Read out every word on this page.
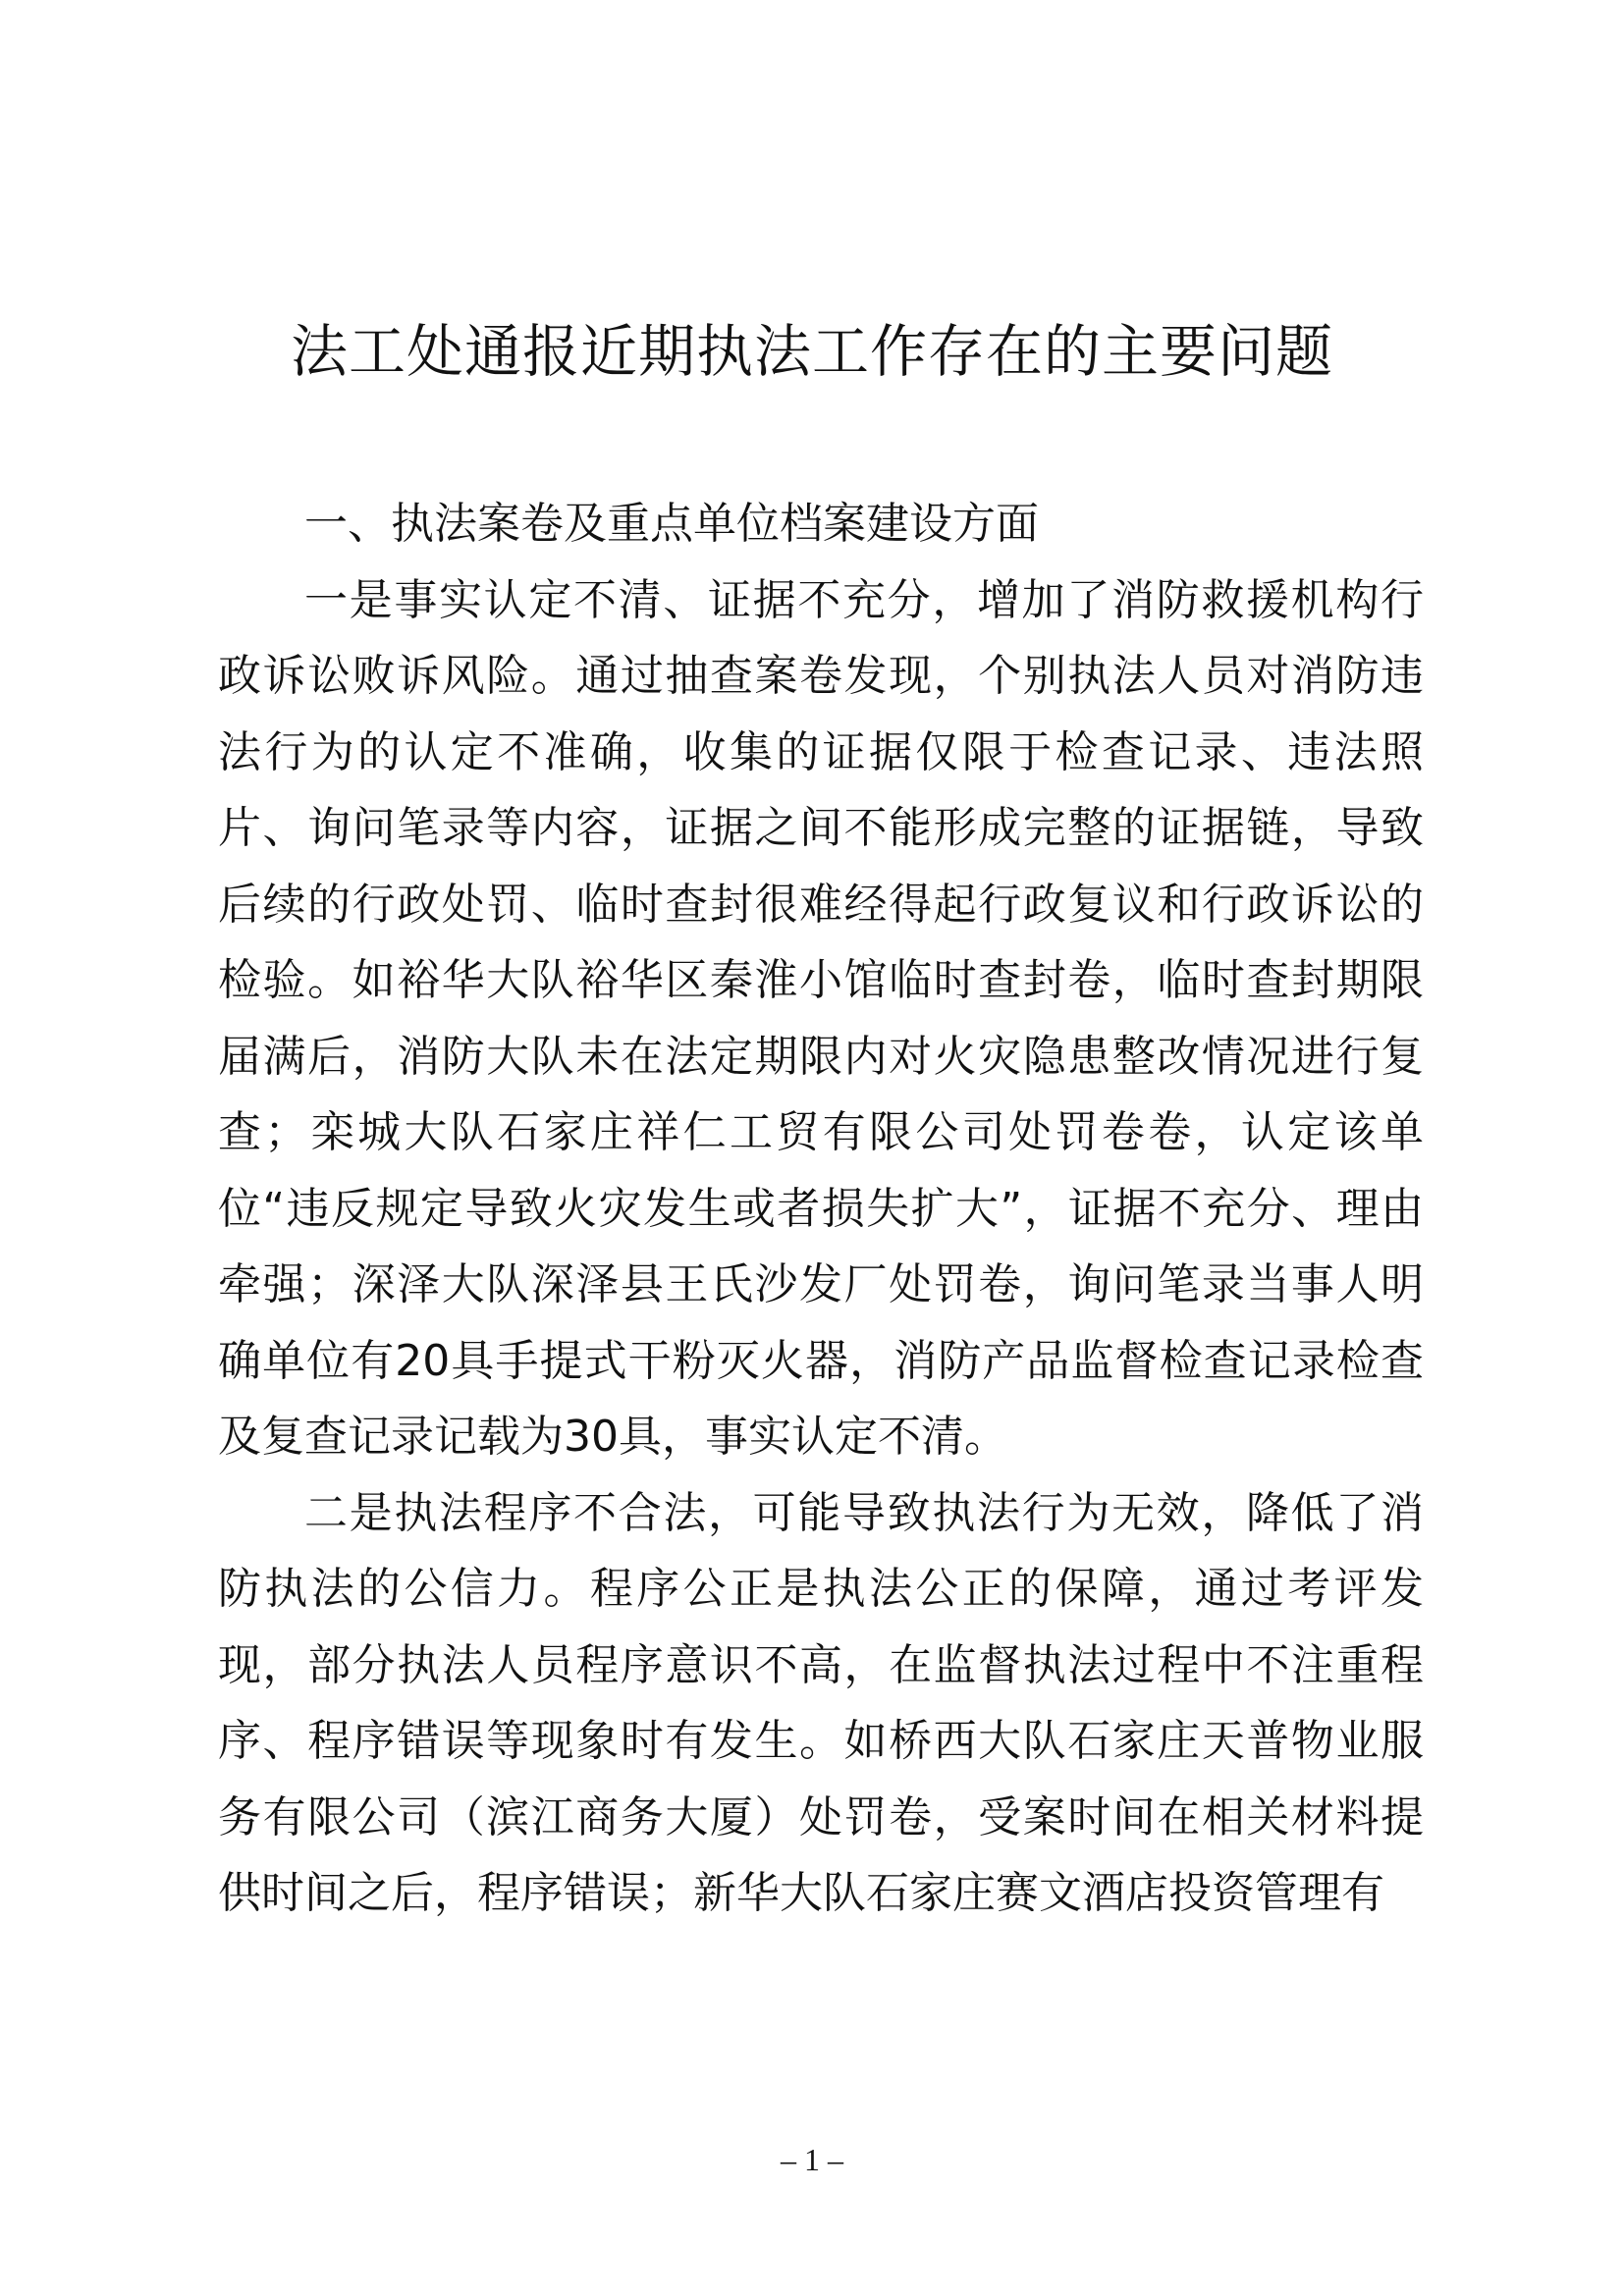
法工处通报近期执法工作存在的主要问题
一、执法案卷及重点单位档案建设方面

一是事实认定不清、证据不充分，增加了消防救援机构行政诉讼败诉风险。通过抽查案卷发现，个别执法人员对消防违法行为的认定不准确，收集的证据仅限于检查记录、违法照片、询问笔录等内容，证据之间不能形成完整的证据链，导致后续的行政处罚、临时查封很难经得起行政复议和行政诉讼的检验。如裕华大队裕华区秦淮小馆临时查封卷，临时查封期限届满后，消防大队未在法定期限内对火灾隐患整改情况进行复查；栾城大队石家庄祥仁工贸有限公司处罚卷卷，认定该单位“违反规定导致火灾发生或者损失扩大”，证据不充分、理由牵强；深泽大队深泽县王氏沙发厂处罚卷，询问笔录当事人明确单位有20具手提式干粉灭火器，消防产品监督检查记录检查及复查记录记载为30具，事实认定不清。

二是执法程序不合法，可能导致执法行为无效，降低了消防执法的公信力。程序公正是执法公正的保障，通过考评发现，部分执法人员程序意识不高，在监督执法过程中不注重程序、程序错误等现象时有发生。如桥西大队石家庄天普物业服务有限公司（滨江商务大厦）处罚卷，受案时间在相关材料提供时间之后，程序错误；新华大队石家庄赛文酒店投资管理有

– 1 –
